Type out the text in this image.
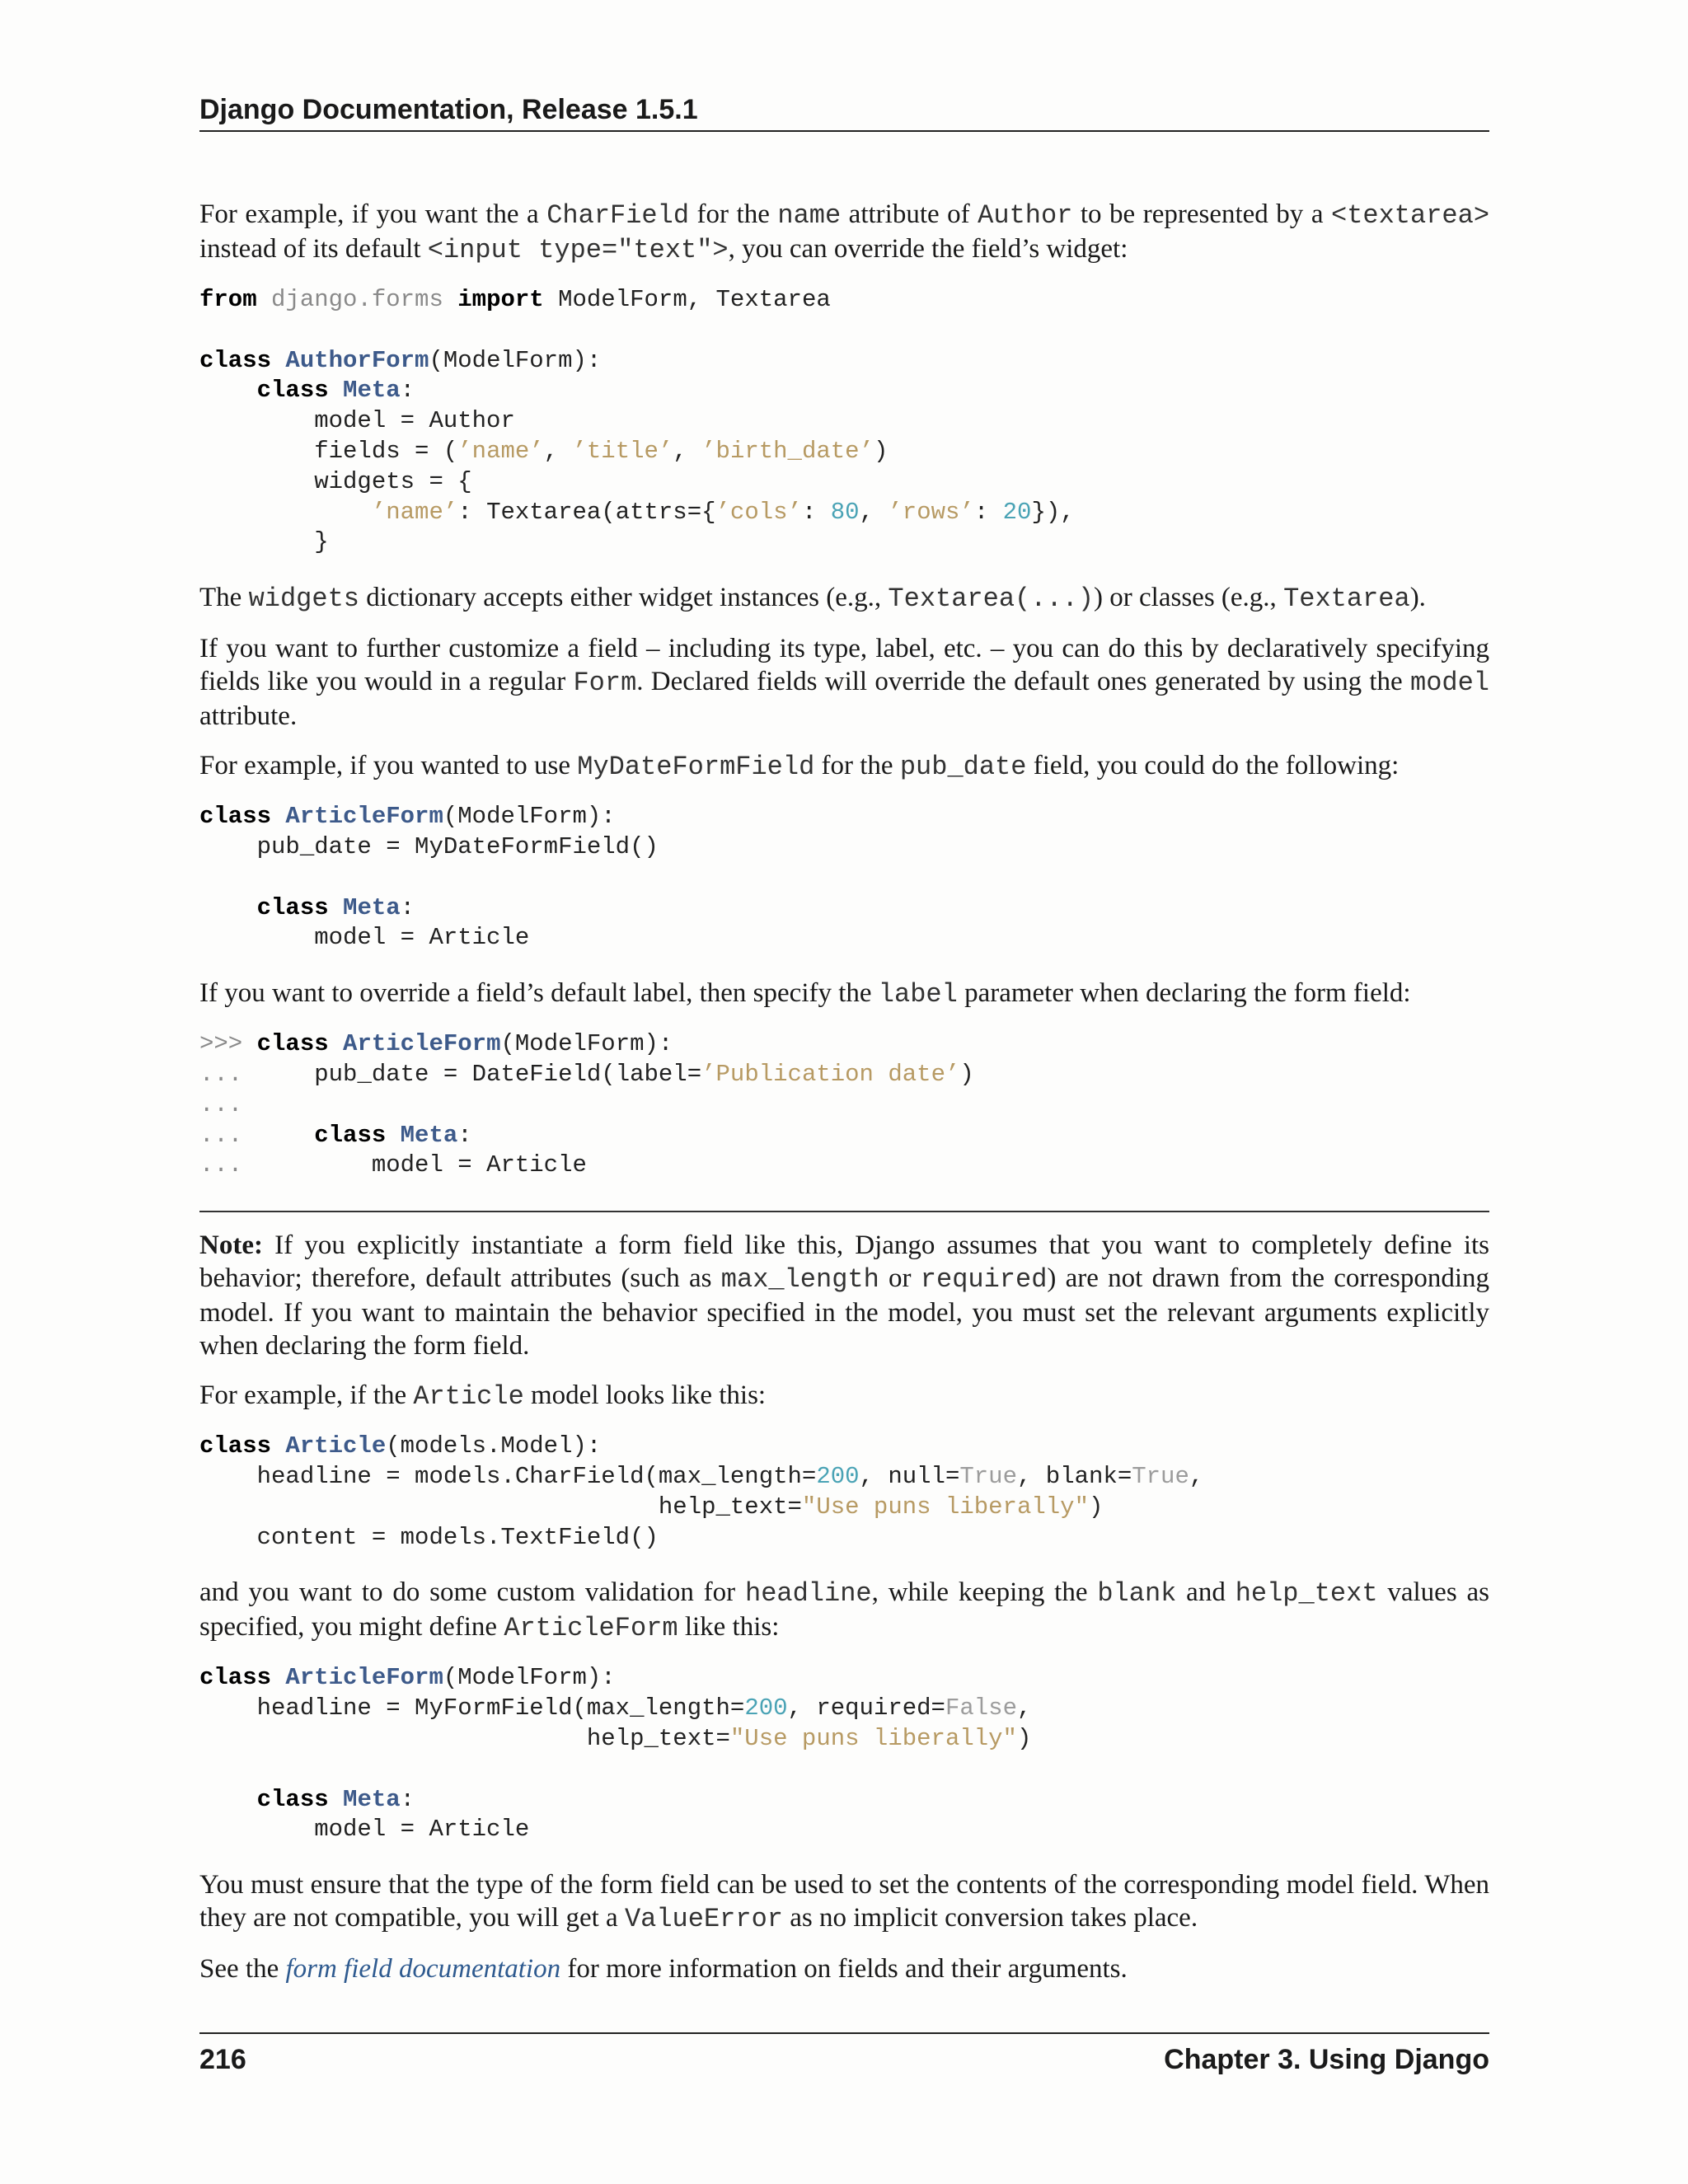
Django Documentation, Release 1.5.1

For example, if you want the a CharField for the name attribute of Author to be represented by a <textarea> instead of its default <input type="text">, you can override the field’s widget:

from django.forms import ModelForm, Textarea

class AuthorForm(ModelForm):
class Meta:
model = Author
fields = (’name’, ’title’, ’birth_date’)
widgets = {
’name’: Textarea(attrs={’cols’: 80, ’rows’: 20}),
}

The widgets dictionary accepts either widget instances (e.g., Textarea(...)) or classes (e.g., Textarea).

If you want to further customize a field – including its type, label, etc. – you can do this by declaratively specifying fields like you would in a regular Form. Declared fields will override the default ones generated by using the model attribute.

For example, if you wanted to use MyDateFormField for the pub_date field, you could do the following:

class ArticleForm(ModelForm):
pub_date = MyDateFormField()

class Meta:
model = Article

If you want to override a field’s default label, then specify the label parameter when declaring the form field:

>>> class ArticleForm(ModelForm):
...     pub_date = DateField(label=’Publication date’)
...
...     class Meta:
...         model = Article

Note: If you explicitly instantiate a form field like this, Django assumes that you want to completely define its behavior; therefore, default attributes (such as max_length or required) are not drawn from the corresponding model. If you want to maintain the behavior specified in the model, you must set the relevant arguments explicitly when declaring the form field.

For example, if the Article model looks like this:

class Article(models.Model):
headline = models.CharField(max_length=200, null=True, blank=True,
help_text="Use puns liberally")
content = models.TextField()

and you want to do some custom validation for headline, while keeping the blank and help_text values as specified, you might define ArticleForm like this:

class ArticleForm(ModelForm):
headline = MyFormField(max_length=200, required=False,
help_text="Use puns liberally")

class Meta:
model = Article

You must ensure that the type of the form field can be used to set the contents of the corresponding model field. When they are not compatible, you will get a ValueError as no implicit conversion takes place.

See the form field documentation for more information on fields and their arguments.

216	Chapter 3. Using Django
